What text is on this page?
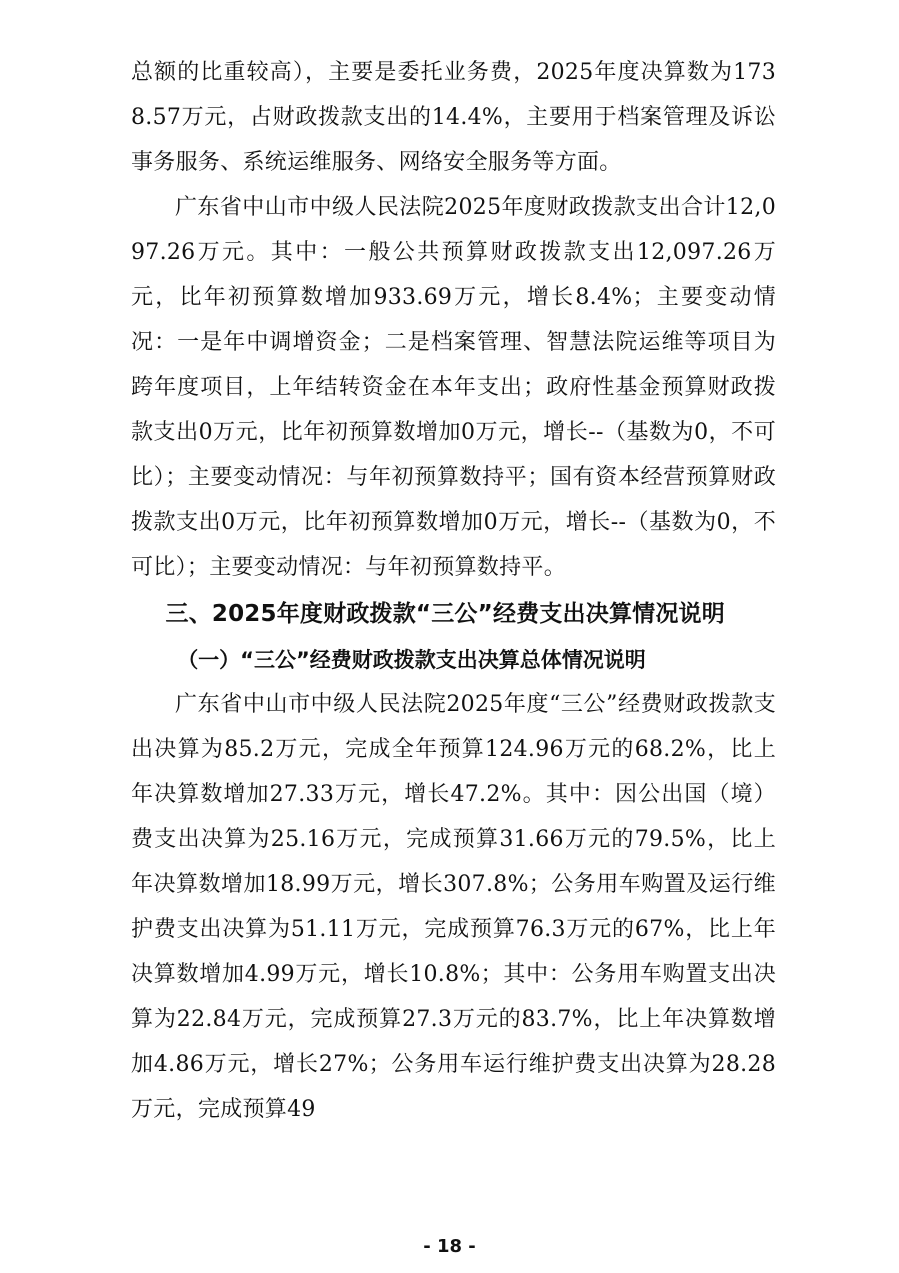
总额的比重较高），主要是委托业务费，2025年度决算数为1738.57万元，占财政拨款支出的14.4%，主要用于档案管理及诉讼事务服务、系统运维服务、网络安全服务等方面。

广东省中山市中级人民法院2025年度财政拨款支出合计12,097.26万元。其中：一般公共预算财政拨款支出12,097.26万元，比年初预算数增加933.69万元，增长8.4%；主要变动情况：一是年中调增资金；二是档案管理、智慧法院运维等项目为跨年度项目，上年结转资金在本年支出；政府性基金预算财政拨款支出0万元，比年初预算数增加0万元，增长--（基数为0，不可比）；主要变动情况：与年初预算数持平；国有资本经营预算财政拨款支出0万元，比年初预算数增加0万元，增长--（基数为0，不可比）；主要变动情况：与年初预算数持平。

三、2025年度财政拨款“三公”经费支出决算情况说明
（一）“三公”经费财政拨款支出决算总体情况说明

广东省中山市中级人民法院2025年度“三公”经费财政拨款支出决算为85.2万元，完成全年预算124.96万元的68.2%，比上年决算数增加27.33万元，增长47.2%。其中：因公出国（境）费支出决算为25.16万元，完成预算31.66万元的79.5%，比上年决算数增加18.99万元，增长307.8%；公务用车购置及运行维护费支出决算为51.11万元，完成预算76.3万元的67%，比上年决算数增加4.99万元，增长10.8%；其中：公务用车购置支出决算为22.84万元，完成预算27.3万元的83.7%，比上年决算数增加4.86万元，增长27%；公务用车运行维护费支出决算为28.28万元，完成预算49

- 18 -
